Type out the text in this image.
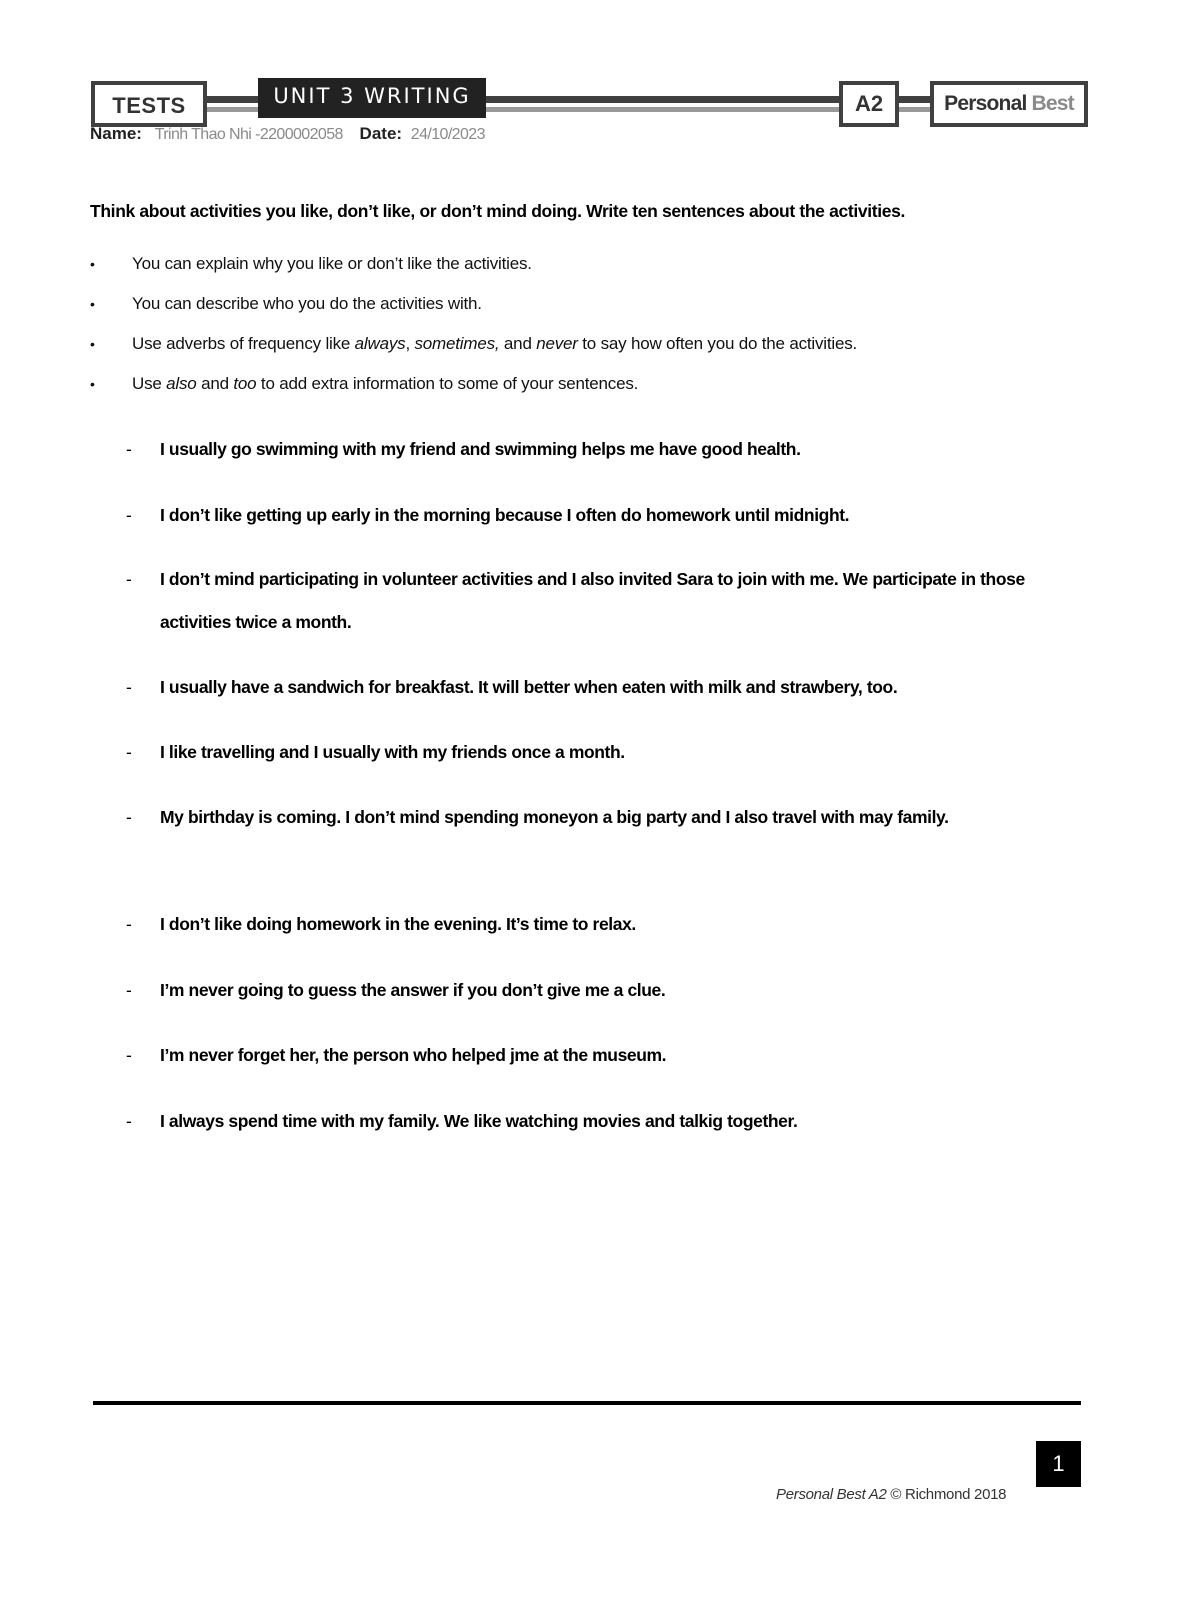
TESTS	UNIT 3 WRITING	A2	Personal Best
Name: Trinh Thao Nhi -2200002058 Date: 24/10/2023
Think about activities you like, don’t like, or don’t mind doing. Write ten sentences about the activities.
•	You can explain why you like or don’t like the activities.
•	You can describe who you do the activities with.
•	Use adverbs of frequency like always, sometimes, and never to say how often you do the activities.
•	Use also and too to add extra information to some of your sentences.
-	I usually go swimming with my friend and swimming helps me have good health.
-	I don’t like getting up early in the morning because I often do homework until midnight.
-	I don’t mind participating in volunteer activities and I also invited Sara to join with me. We participate in those activities twice a month.
-	I usually have a sandwich for breakfast. It will better when eaten with milk and strawbery, too.
-	I like travelling and I usually with my friends once a month.
-	My birthday is coming. I don’t mind spending moneyon a big party and I also travel with may family.
-	I don’t like doing homework in the evening. It’s time to relax.
-	I’m never going to guess the answer if you don’t give me a clue.
-	I’m never forget her, the person who helped jme at the museum.
-	I always spend time with my family. We like watching movies and talkig together.
1
Personal Best A2 © Richmond 2018
